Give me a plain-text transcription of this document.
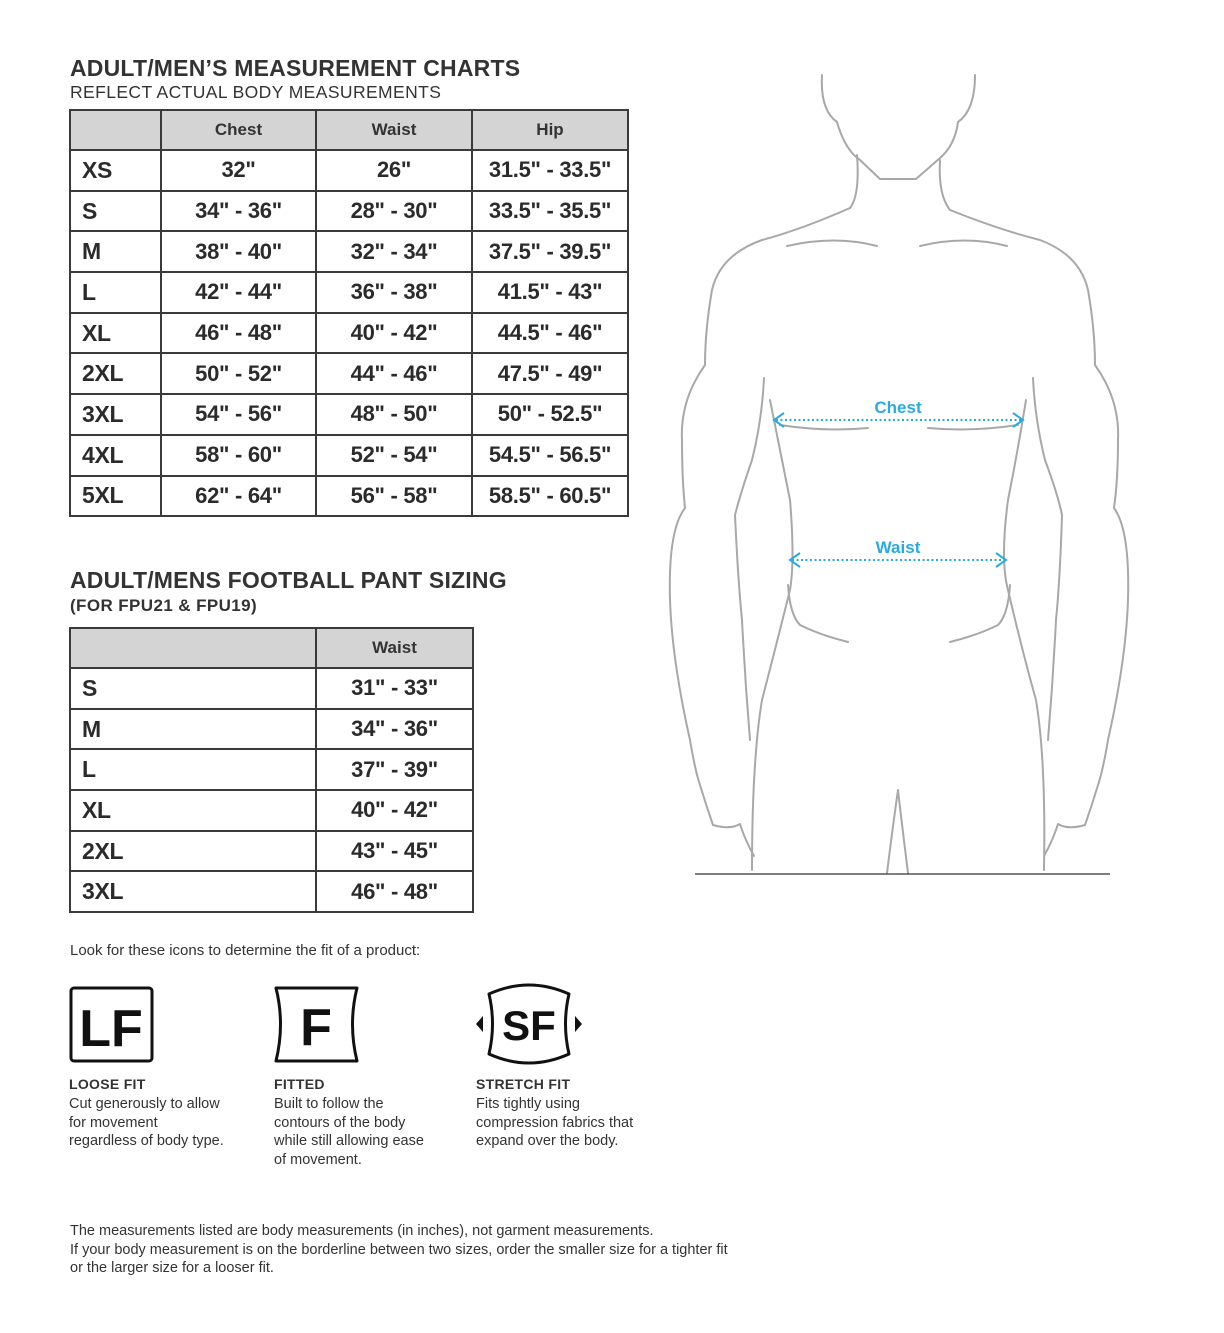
ADULT/MEN’S MEASUREMENT CHARTS
REFLECT ACTUAL BODY MEASUREMENTS
	Chest	Waist	Hip
XS	32"	26"	31.5" - 33.5"
S	34" - 36"	28" - 30"	33.5" - 35.5"
M	38" - 40"	32" - 34"	37.5" - 39.5"
L	42" - 44"	36" - 38"	41.5" - 43"
XL	46" - 48"	40" - 42"	44.5" - 46"
2XL	50" - 52"	44" - 46"	47.5" - 49"
3XL	54" - 56"	48" - 50"	50" - 52.5"
4XL	58" - 60"	52" - 54"	54.5" - 56.5"
5XL	62" - 64"	56" - 58"	58.5" - 60.5"
ADULT/MENS FOOTBALL PANT SIZING
(FOR FPU21 & FPU19)
	Waist
S	31" - 33"
M	34" - 36"
L	37" - 39"
XL	40" - 42"
2XL	43" - 45"
3XL	46" - 48"
Look for these icons to determine the fit of a product:
LF
LOOSE FIT
Cut generously to allow for movement regardless of body type.
F
FITTED
Built to follow the contours of the body while still allowing ease of movement.
SF
STRETCH FIT
Fits tightly using compression fabrics that expand over the body.

The measurements listed are body measurements (in inches), not garment measurements.

If your body measurement is on the borderline between two sizes, order the smaller size for a tighter fit or the larger size for a looser fit.

Chest
Waist
